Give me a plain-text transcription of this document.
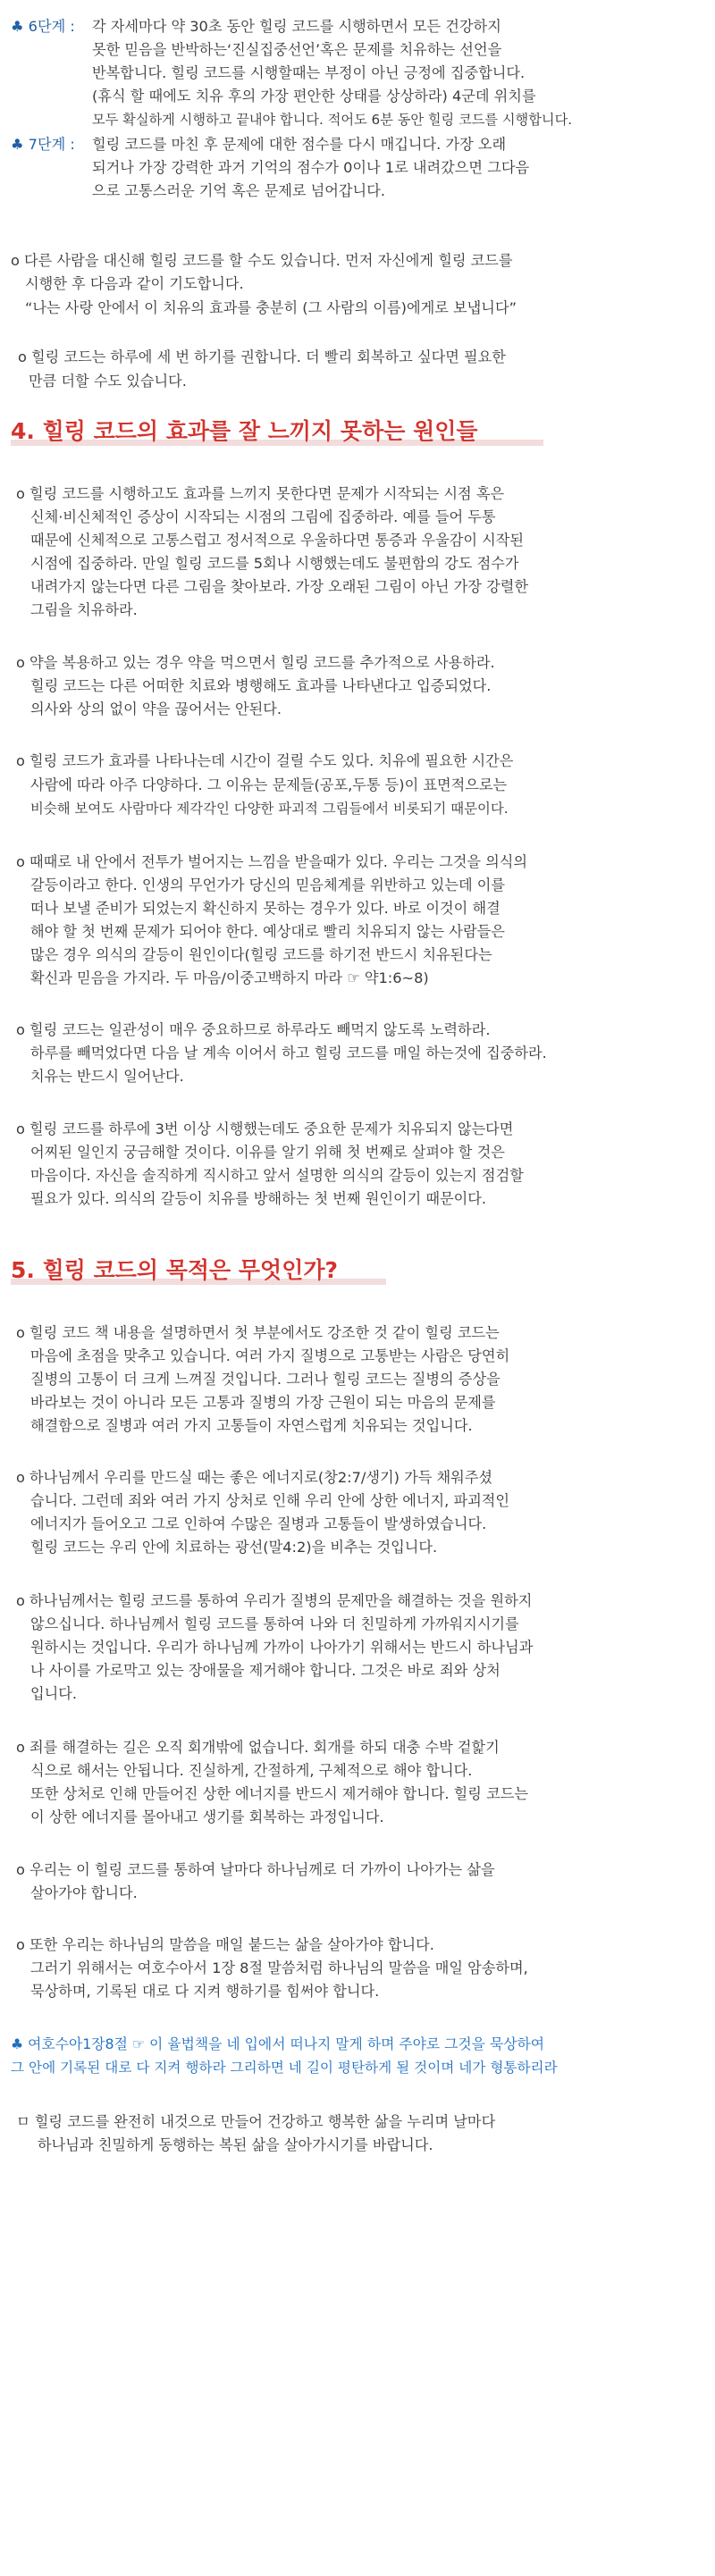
♣ 6단계 : 각 자세마다 약 30초 동안 힐링 코드를 시행하면서 모든 건강하지
못한 믿음을 반박하는‘진실집중선언’혹은 문제를 치유하는 선언을
반복합니다. 힐링 코드를 시행할때는 부정이 아닌 긍정에 집중합니다.
(휴식 할 때에도 치유 후의 가장 편안한 상태를 상상하라) 4군데 위치를
모두 확실하게 시행하고 끝내야 합니다. 적어도 6분 동안 힐링 코드를 시행합니다.
♣ 7단계 : 힐링 코드를 마친 후 문제에 대한 점수를 다시 매깁니다. 가장 오래
되거나 가장 강력한 과거 기억의 점수가 0이나 1로 내려갔으면 그다음
으로 고통스러운 기억 혹은 문제로 넘어갑니다.
o 다른 사람을 대신해 힐링 코드를 할 수도 있습니다. 먼저 자신에게 힐링 코드를
시행한 후 다음과 같이 기도합니다.
“나는 사랑 안에서 이 치유의 효과를 충분히 (그 사람의 이름)에게로 보냅니다”
o 힐링 코드는 하루에 세 번 하기를 권합니다. 더 빨리 회복하고 싶다면 필요한
만큼 더할 수도 있습니다.
4. 힐링 코드의 효과를 잘 느끼지 못하는 원인들
o 힐링 코드를 시행하고도 효과를 느끼지 못한다면 문제가 시작되는 시점 혹은
신체·비신체적인 증상이 시작되는 시점의 그림에 집중하라. 예를 들어 두통
때문에 신체적으로 고통스럽고 정서적으로 우울하다면 통증과 우울감이 시작된
시점에 집중하라. 만일 힐링 코드를 5회나 시행했는데도 불편함의 강도 점수가
내려가지 않는다면 다른 그림을 찾아보라. 가장 오래된 그림이 아닌 가장 강렬한
그림을 치유하라.
o 약을 복용하고 있는 경우 약을 먹으면서 힐링 코드를 추가적으로 사용하라.
힐링 코드는 다른 어떠한 치료와 병행해도 효과를 나타낸다고 입증되었다.
의사와 상의 없이 약을 끊어서는 안된다.
o 힐링 코드가 효과를 나타나는데 시간이 걸릴 수도 있다. 치유에 필요한 시간은
사람에 따라 아주 다양하다. 그 이유는 문제들(공포,두통 등)이 표면적으로는
비슷해 보여도 사람마다 제각각인 다양한 파괴적 그림들에서 비롯되기 때문이다.
o 때때로 내 안에서 전투가 벌어지는 느낌을 받을때가 있다. 우리는 그것을 의식의
갈등이라고 한다. 인생의 무언가가 당신의 믿음체계를 위반하고 있는데 이를
떠나 보낼 준비가 되었는지 확신하지 못하는 경우가 있다. 바로 이것이 해결
해야 할 첫 번째 문제가 되어야 한다. 예상대로 빨리 치유되지 않는 사람들은
많은 경우 의식의 갈등이 원인이다(힐링 코드를 하기전 반드시 치유된다는
확신과 믿음을 가지라. 두 마음/이중고백하지 마라 ☞ 약1:6~8)
o 힐링 코드는 일관성이 매우 중요하므로 하루라도 빼먹지 않도록 노력하라.
하루를 빼먹었다면 다음 날 계속 이어서 하고 힐링 코드를 매일 하는것에 집중하라.
치유는 반드시 일어난다.
o 힐링 코드를 하루에 3번 이상 시행했는데도 중요한 문제가 치유되지 않는다면
어찌된 일인지 궁금해할 것이다. 이유를 알기 위해 첫 번째로 살펴야 할 것은
마음이다. 자신을 솔직하게 직시하고 앞서 설명한 의식의 갈등이 있는지 점검할
필요가 있다. 의식의 갈등이 치유를 방해하는 첫 번째 원인이기 때문이다.
5. 힐링 코드의 목적은 무엇인가?
o 힐링 코드 책 내용을 설명하면서 첫 부분에서도 강조한 것 같이 힐링 코드는
마음에 초점을 맞추고 있습니다. 여러 가지 질병으로 고통받는 사람은 당연히
질병의 고통이 더 크게 느껴질 것입니다. 그러나 힐링 코드는 질병의 증상을
바라보는 것이 아니라 모든 고통과 질병의 가장 근원이 되는 마음의 문제를
해결함으로 질병과 여러 가지 고통들이 자연스럽게 치유되는 것입니다.
o 하나님께서 우리를 만드실 때는 좋은 에너지로(창2:7/생기) 가득 채워주셨
습니다. 그런데 죄와 여러 가지 상처로 인해 우리 안에 상한 에너지, 파괴적인
에너지가 들어오고 그로 인하여 수많은 질병과 고통들이 발생하였습니다.
힐링 코드는 우리 안에 치료하는 광선(말4:2)을 비추는 것입니다.
o 하나님께서는 힐링 코드를 통하여 우리가 질병의 문제만을 해결하는 것을 원하지
않으십니다. 하나님께서 힐링 코드를 통하여 나와 더 친밀하게 가까워지시기를
원하시는 것입니다. 우리가 하나님께 가까이 나아가기 위해서는 반드시 하나님과
나 사이를 가로막고 있는 장애물을 제거해야 합니다. 그것은 바로 죄와 상처
입니다.
o 죄를 해결하는 길은 오직 회개밖에 없습니다. 회개를 하되 대충 수박 겉핥기
식으로 해서는 안됩니다. 진실하게, 간절하게, 구체적으로 해야 합니다.
또한 상처로 인해 만들어진 상한 에너지를 반드시 제거해야 합니다. 힐링 코드는
이 상한 에너지를 몰아내고 생기를 회복하는 과정입니다.
o 우리는 이 힐링 코드를 통하여 날마다 하나님께로 더 가까이 나아가는 삶을
살아가야 합니다.
o 또한 우리는 하나님의 말씀을 매일 붙드는 삶을 살아가야 합니다.
그러기 위해서는 여호수아서 1장 8절 말씀처럼 하나님의 말씀을 매일 암송하며,
묵상하며, 기록된 대로 다 지켜 행하기를 힘써야 합니다.
♣ 여호수아1장8절 ☞ 이 율법책을 네 입에서 떠나지 말게 하며 주야로 그것을 묵상하여
그 안에 기록된 대로 다 지켜 행하라 그리하면 네 길이 평탄하게 될 것이며 네가 형통하리라
ㅁ 힐링 코드를 완전히 내것으로 만들어 건강하고 행복한 삶을 누리며 날마다
하나님과 친밀하게 동행하는 복된 삶을 살아가시기를 바랍니다.
